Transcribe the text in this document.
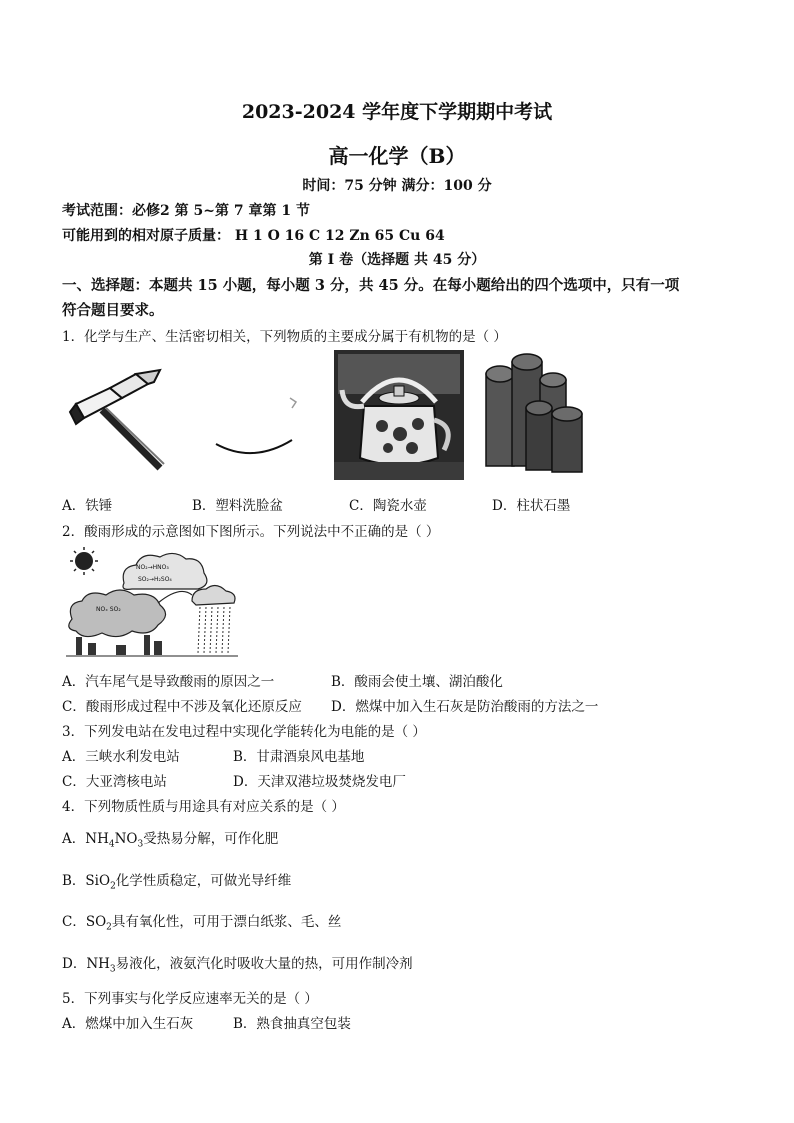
2023-2024 学年度下学期期中考试
高一化学（B）
时间：75 分钟 满分：100 分
考试范围：必修2 第 5~第 7 章第 1 节
可能用到的相对原子质量： H 1 O 16 C 12 Zn 65 Cu 64
第 I 卷（选择题 共 45 分）
一、选择题：本题共 15 小题，每小题 3 分，共 45 分。在每小题给出的四个选项中，只有一项
符合题目要求。
1．化学与生产、生活密切相关，下列物质的主要成分属于有机物的是（ ）
A．铁锤	B．塑料洗脸盆	C．陶瓷水壶	D．柱状石墨
2．酸雨形成的示意图如下图所示。下列说法中不正确的是（ ）
NO₂→HNO₃
SO₂→H₂SO₄
NOₓ SO₂
A．汽车尾气是导致酸雨的原因之一	B．酸雨会使土壤、湖泊酸化
C．酸雨形成过程中不涉及氧化还原反应 D．燃煤中加入生石灰是防治酸雨的方法之一
3．下列发电站在发电过程中实现化学能转化为电能的是（ ）
A．三峡水利发电站	B．甘肃酒泉风电基地
C．大亚湾核电站	D．天津双港垃圾焚烧发电厂
4．下列物质性质与用途具有对应关系的是（ ）
A．$NH_4NO_3$受热易分解，可作化肥
B．SiO$_2$化学性质稳定，可做光导纤维
C．$SO_2$具有氧化性，可用于漂白纸浆、毛、丝
D．$NH_3$易液化，液氨汽化时吸收大量的热，可用作制冷剂
5．下列事实与化学反应速率无关的是（ ）
A．燃煤中加入生石灰	B．熟食抽真空包装
